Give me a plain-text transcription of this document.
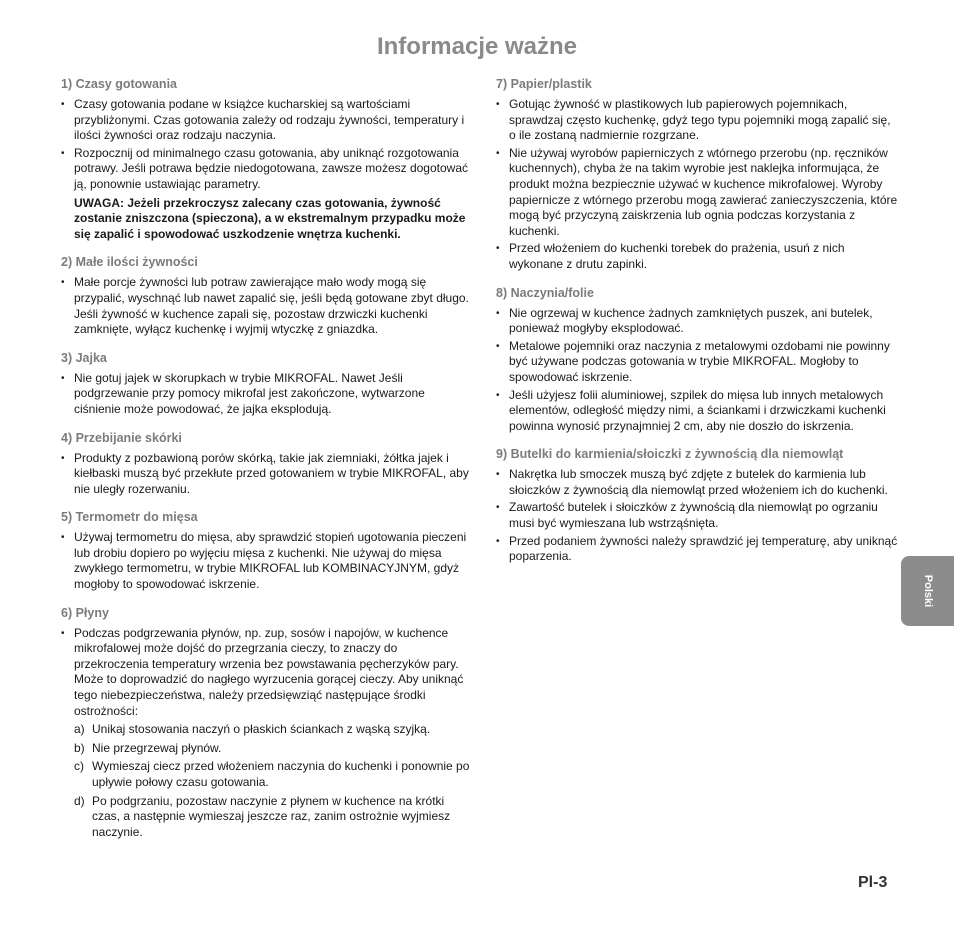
Informacje ważne
1) Czasy gotowania
• Czasy gotowania podane w książce kucharskiej są wartościami przybliżonymi. Czas gotowania zależy od rodzaju żywności, temperatury i ilości żywności oraz rodzaju naczynia.
• Rozpocznij od minimalnego czasu gotowania, aby uniknąć rozgotowania potrawy. Jeśli potrawa będzie niedogotowana, zawsze możesz dogotować ją, ponownie ustawiając parametry.
UWAGA: Jeżeli przekroczysz zalecany czas gotowania, żywność zostanie zniszczona (spieczona), a w ekstremalnym przypadku może się zapalić i spowodować uszkodzenie wnętrza kuchenki.
2) Małe ilości żywności
• Małe porcje żywności lub potraw zawierające mało wody mogą się przypalić, wyschnąć lub nawet zapalić się, jeśli będą gotowane zbyt długo. Jeśli żywność w kuchence zapali się, pozostaw drzwiczki kuchenki zamknięte, wyłącz kuchenkę i wyjmij wtyczkę z gniazdka.
3) Jajka
• Nie gotuj jajek w skorupkach w trybie MIKROFAL. Nawet Jeśli podgrzewanie przy pomocy mikrofal jest zakończone, wytwarzone ciśnienie może powodować, że jajka eksplodują.
4) Przebijanie skórki
• Produkty z pozbawioną porów skórką, takie jak ziemniaki, żółtka jajek i kiełbaski muszą być przekłute przed gotowaniem w trybie MIKROFAL, aby nie uległy rozerwaniu.
5) Termometr do mięsa
• Używaj termometru do mięsa, aby sprawdzić stopień ugotowania pieczeni lub drobiu dopiero po wyjęciu mięsa z kuchenki. Nie używaj do mięsa zwykłego termometru, w trybie MIKROFAL lub KOMBINACYJNYM, gdyż mogłoby to spowodować iskrzenie.
6) Płyny
• Podczas podgrzewania płynów, np. zup, sosów i napojów, w kuchence mikrofalowej może dojść do przegrzania cieczy, to znaczy do przekroczenia temperatury wrzenia bez powstawania pęcherzyków pary. Może to doprowadzić do nagłego wyrzucenia gorącej cieczy. Aby uniknąć tego niebezpieczeństwa, należy przedsięwziąć następujące środki ostrożności:
a) Unikaj stosowania naczyń o płaskich ściankach z wąską szyjką.
b) Nie przegrzewaj płynów.
c) Wymieszaj ciecz przed włożeniem naczynia do kuchenki i ponownie po upływie połowy czasu gotowania.
d) Po podgrzaniu, pozostaw naczynie z płynem w kuchence na krótki czas, a następnie wymieszaj jeszcze raz, zanim ostrożnie wyjmiesz naczynie.
7) Papier/plastik
• Gotując żywność w plastikowych lub papierowych pojemnikach, sprawdzaj często kuchenkę, gdyż tego typu pojemniki mogą zapalić się, o ile zostaną nadmiernie rozgrzane.
• Nie używaj wyrobów papierniczych z wtórnego przerobu (np. ręczników kuchennych), chyba że na takim wyrobie jest naklejka informująca, że produkt można bezpiecznie używać w kuchence mikrofalowej. Wyroby papiernicze z wtórnego przerobu mogą zawierać zanieczyszczenia, które mogą być przyczyną zaiskrzenia lub ognia podczas korzystania z kuchenki.
• Przed włożeniem do kuchenki torebek do prażenia, usuń z nich wykonane z drutu zapinki.
8) Naczynia/folie
• Nie ogrzewaj w kuchence żadnych zamkniętych puszek, ani butelek, ponieważ mogłyby eksplodować.
• Metalowe pojemniki oraz naczynia z metalowymi ozdobami nie powinny być używane podczas gotowania w trybie MIKROFAL. Mogłoby to spowodować iskrzenie.
• Jeśli użyjesz folii aluminiowej, szpilek do mięsa lub innych metalowych elementów, odległość między nimi, a ściankami i drzwiczkami kuchenki powinna wynosić przynajmniej 2 cm, aby nie doszło do iskrzenia.
9) Butelki do karmienia/słoiczki z żywnością dla niemowląt
• Nakrętka lub smoczek muszą być zdjęte z butelek do karmienia lub słoiczków z żywnością dla niemowląt przed włożeniem ich do kuchenki.
• Zawartość butelek i słoiczków z żywnością dla niemowląt po ogrzaniu musi być wymieszana lub wstrząśnięta.
• Przed podaniem żywności należy sprawdzić jej temperaturę, aby uniknąć poparzenia.
Polski
Pl-3
